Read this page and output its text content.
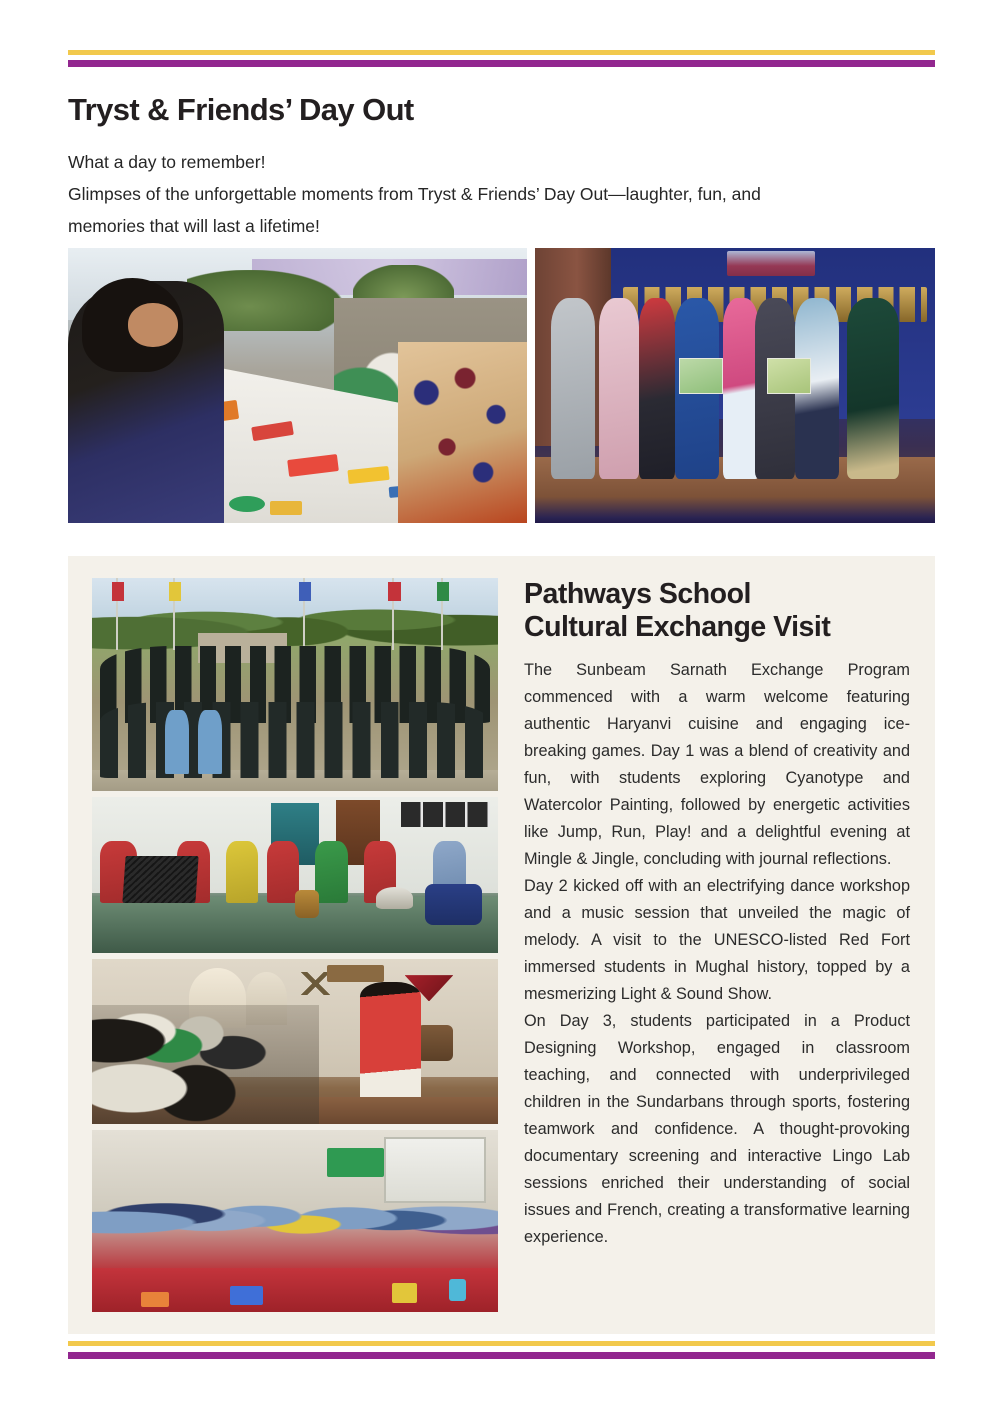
Tryst & Friends’ Day Out
What a day to remember!
Glimpses of the unforgettable moments from Tryst & Friends’ Day Out—laughter, fun, and
memories that will last a lifetime!
Pathways School
Cultural Exchange Visit

The Sunbeam Sarnath Exchange Program commenced with a warm welcome featuring authentic Haryanvi cuisine and engaging ice-breaking games. Day 1 was a blend of creativity and fun, with students exploring Cyanotype and Watercolor Painting, followed by energetic activities like Jump, Run, Play! and a delightful evening at Mingle & Jingle, concluding with journal reflections.

Day 2 kicked off with an electrifying dance workshop and a music session that unveiled the magic of melody. A visit to the UNESCO-listed Red Fort immersed students in Mughal history, topped by a mesmerizing Light & Sound Show.

On Day 3, students participated in a Product Designing Workshop, engaged in classroom teaching, and connected with underprivileged children in the Sundarbans through sports, fostering teamwork and confidence. A thought-provoking documentary screening and interactive Lingo Lab sessions enriched their understanding of social issues and French, creating a transformative learning experience.
